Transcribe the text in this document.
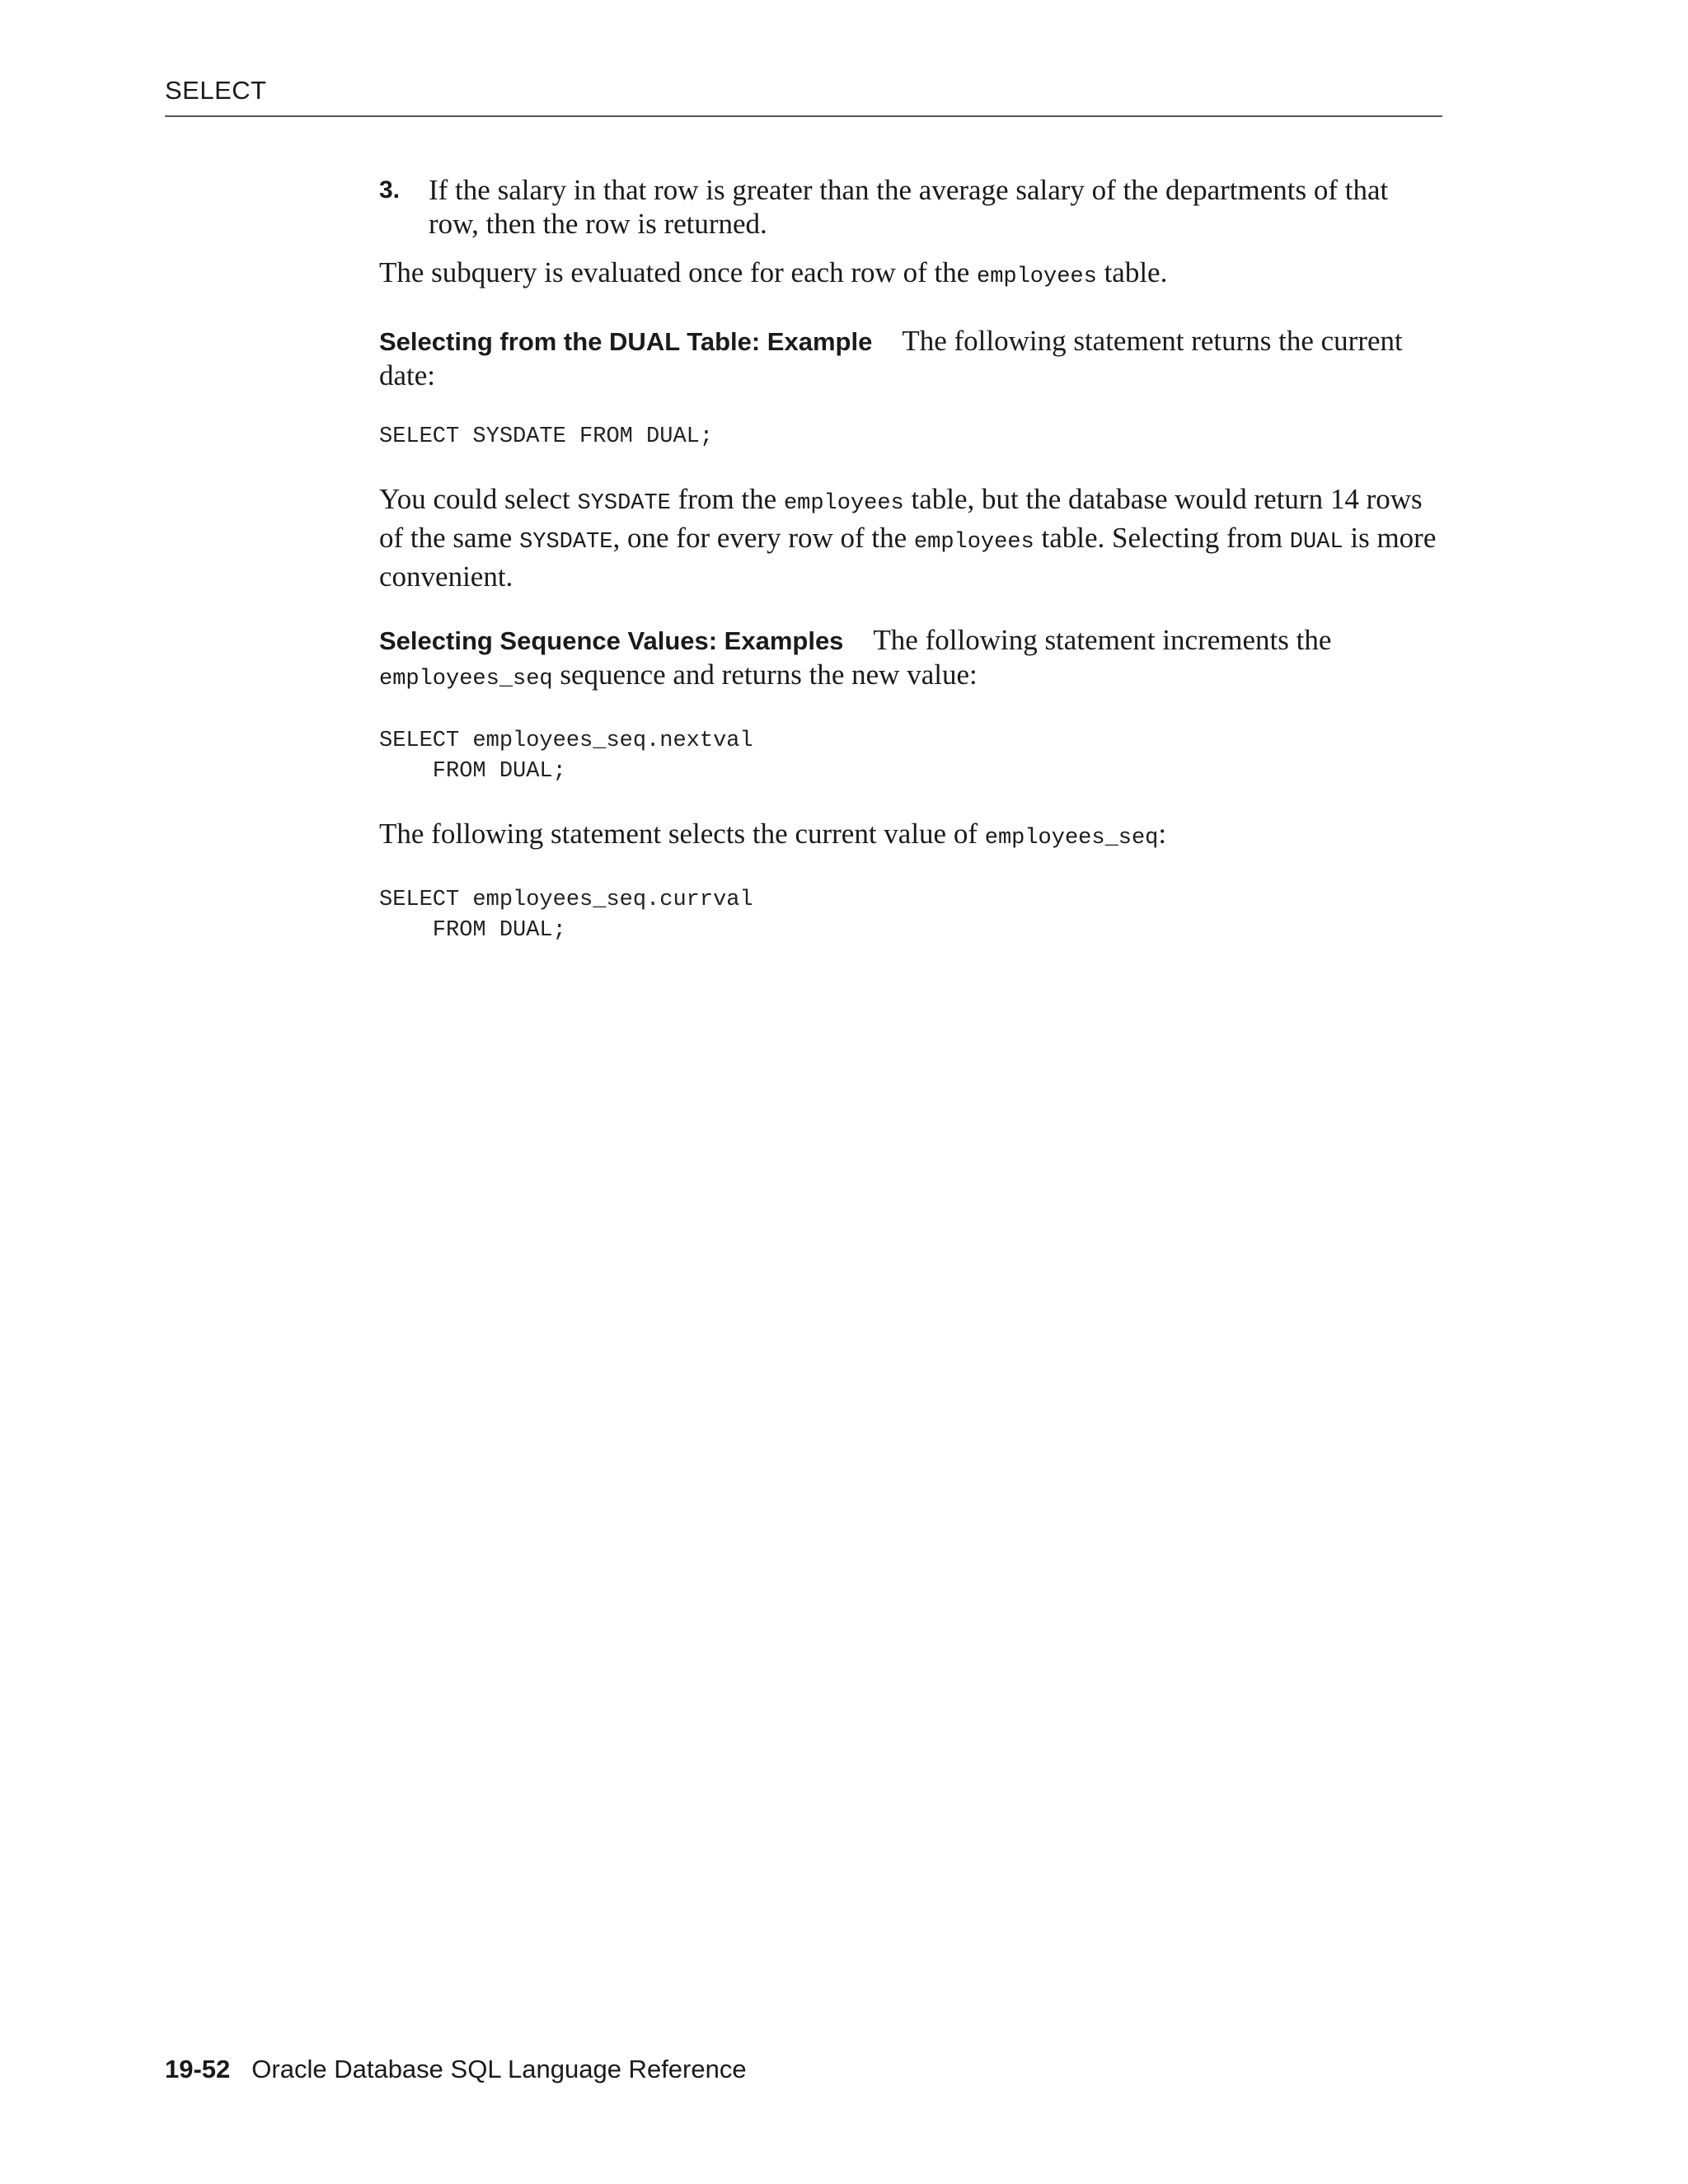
SELECT
3. If the salary in that row is greater than the average salary of the departments of that row, then the row is returned.

The subquery is evaluated once for each row of the employees table.

Selecting from the DUAL Table: Example The following statement returns the current date:

SELECT SYSDATE FROM DUAL;

You could select SYSDATE from the employees table, but the database would return 14 rows of the same SYSDATE, one for every row of the employees table. Selecting from DUAL is more convenient.

Selecting Sequence Values: Examples The following statement increments the employees_seq sequence and returns the new value:

SELECT employees_seq.nextval
FROM DUAL;

The following statement selects the current value of employees_seq:

SELECT employees_seq.currval
FROM DUAL;
19-52 Oracle Database SQL Language Reference
